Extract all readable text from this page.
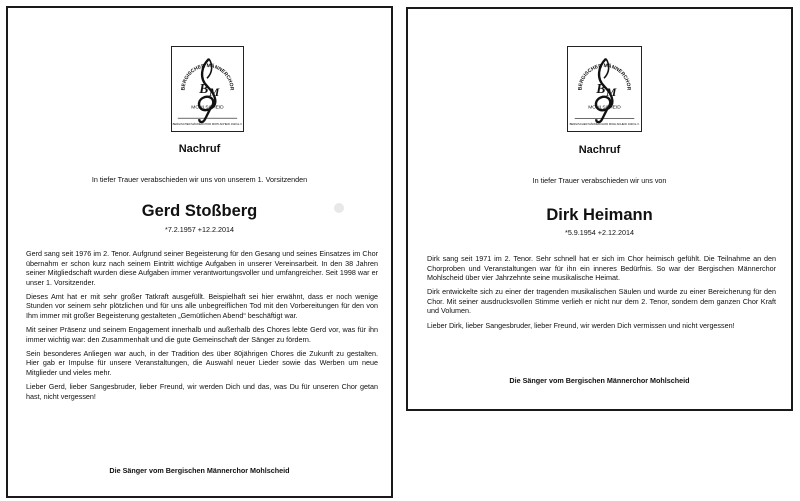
BERGISCHER MÄNNERCHOR
B M
MOHLSCHEID
BERGISCHER MÄNNERCHOR MOHLSCHEID 1920 E.V.
Nachruf
In tiefer Trauer verabschieden wir uns von unserem 1. Vorsitzenden
Gerd Stoßberg
*7.2.1957 +12.2.2014

Gerd sang seit 1976 im 2. Tenor. Aufgrund seiner Begeisterung für den Gesang und seines Einsatzes im Chor übernahm er schon kurz nach seinem Eintritt wichtige Aufgaben in unserer Vereinsarbeit. In den 38 Jahren seiner Mitgliedschaft wurden diese Aufgaben immer verantwortungsvoller und umfangreicher. Seit 1998 war er unser 1. Vorsitzender.

Dieses Amt hat er mit sehr großer Tatkraft ausgefüllt. Beispielhaft sei hier erwähnt, dass er noch wenige Stunden vor seinem sehr plötzlichen und für uns alle unbegreiflichen Tod mit den Vorbereitungen für den von Ihm immer mit großer Begeisterung gestalteten „Gemütlichen Abend“ beschäftigt war.

Mit seiner Präsenz und seinem Engagement innerhalb und außerhalb des Chores lebte Gerd vor, was für ihn immer wichtig war: den Zusammenhalt und die gute Gemeinschaft der Sänger zu fördern.

Sein besonderes Anliegen war auch, in der Tradition des über 80jährigen Chores die Zukunft zu gestalten. Hier gab er Impulse für unsere Veranstaltungen, die Auswahl neuer Lieder sowie das Werben um neue Mitglieder und vieles mehr.

Lieber Gerd, lieber Sangesbruder, lieber Freund, wir werden Dich und das, was Du für unseren Chor getan hast, nicht vergessen!

Die Sänger vom Bergischen Männerchor Mohlscheid
BERGISCHER MÄNNERCHOR
B M
MOHLSCHEID
BERGISCHER MÄNNERCHOR MOHLSCHEID 1920 E.V.
Nachruf
In tiefer Trauer verabschieden wir uns von
Dirk Heimann
*5.9.1954 +2.12.2014

Dirk sang seit 1971 im 2. Tenor. Sehr schnell hat er sich im Chor heimisch gefühlt. Die Teilnahme an den Chorproben und Veranstaltungen war für ihn ein inneres Bedürfnis. So war der Bergischen Männerchor Mohlscheid über vier Jahrzehnte seine musikalische Heimat.

Dirk entwickelte sich zu einer der tragenden musikalischen Säulen und wurde zu einer Bereicherung für den Chor. Mit seiner ausdrucksvollen Stimme verlieh er nicht nur dem 2. Tenor, sondern dem ganzen Chor Kraft und Volumen.

Lieber Dirk, lieber Sangesbruder, lieber Freund, wir werden Dich vermissen und nicht vergessen!

Die Sänger vom Bergischen Männerchor Mohlscheid
